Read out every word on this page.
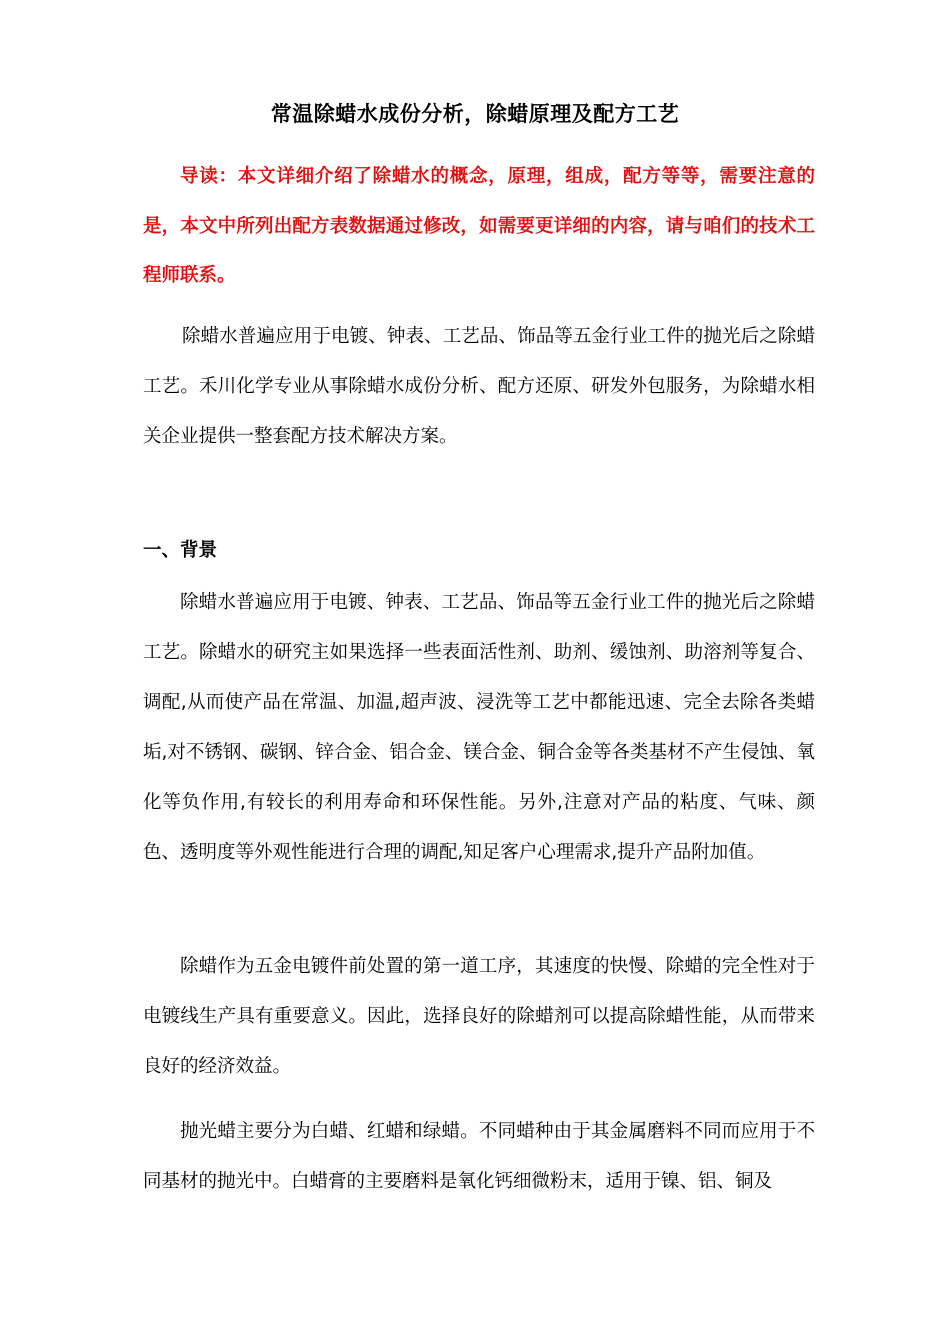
常温除蜡水成份分析，除蜡原理及配方工艺
导读：本文详细介绍了除蜡水的概念，原理，组成，配方等等，需要注意的是，本文中所列出配方表数据通过修改，如需要更详细的内容，请与咱们的技术工程师联系。
除蜡水普遍应用于电镀、钟表、工艺品、饰品等五金行业工件的抛光后之除蜡工艺。禾川化学专业从事除蜡水成份分析、配方还原、研发外包服务，为除蜡水相关企业提供一整套配方技术解决方案。
一、背景
除蜡水普遍应用于电镀、钟表、工艺品、饰品等五金行业工件的抛光后之除蜡工艺。除蜡水的研究主如果选择一些表面活性剂、助剂、缓蚀剂、助溶剂等复合、调配,从而使产品在常温、加温,超声波、浸洗等工艺中都能迅速、完全去除各类蜡垢,对不锈钢、碳钢、锌合金、铝合金、镁合金、铜合金等各类基材不产生侵蚀、氧化等负作用,有较长的利用寿命和环保性能。另外,注意对产品的粘度、气味、颜色、透明度等外观性能进行合理的调配,知足客户心理需求,提升产品附加值。
除蜡作为五金电镀件前处置的第一道工序，其速度的快慢、除蜡的完全性对于电镀线生产具有重要意义。因此，选择良好的除蜡剂可以提高除蜡性能，从而带来良好的经济效益。
抛光蜡主要分为白蜡、红蜡和绿蜡。不同蜡种由于其金属磨料不同而应用于不同基材的抛光中。白蜡膏的主要磨料是氧化钙细微粉末，适用于镍、铝、铜及
